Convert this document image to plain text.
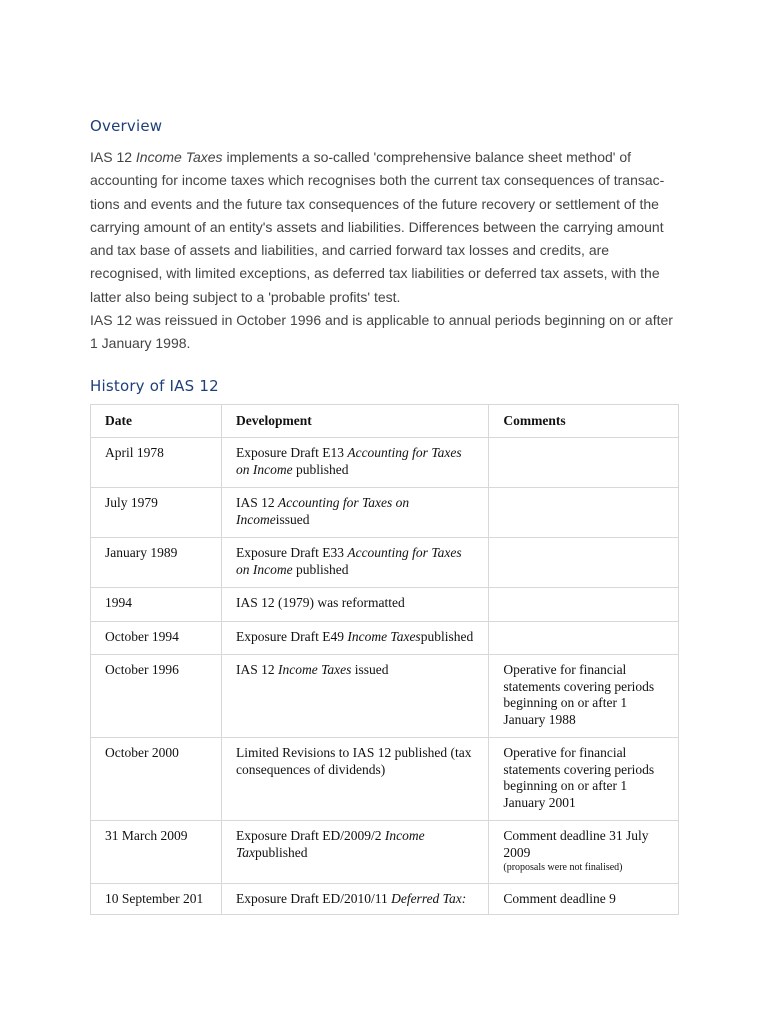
Overview

IAS 12 Income Taxes implements a so-called 'comprehensive balance sheet method' of accounting for income taxes which recognises both the current tax consequences of transac- tions and events and the future tax consequences of the future recovery or settlement of the carrying amount of an entity's assets and liabilities. Differences between the carrying amount and tax base of assets and liabilities, and carried forward tax losses and credits, are recognised, with limited exceptions, as deferred tax liabilities or deferred tax assets, with the latter also being subject to a 'probable profits' test.

IAS 12 was reissued in October 1996 and is applicable to annual periods beginning on or after 1 January 1998.

History of IAS 12
Date	Development	Comments
April 1978	Exposure Draft E13 Accounting for Taxes on Income published	
July 1979	IAS 12 Accounting for Taxes on Incomeissued	
January 1989	Exposure Draft E33 Accounting for Taxes on Income published	
1994	IAS 12 (1979) was reformatted	
October 1994	Exposure Draft E49 Income Taxespublished	
October 1996	IAS 12 Income Taxes issued	Operative for financial statements covering periods beginning on or after 1 January 1988
October 2000	Limited Revisions to IAS 12 published (tax consequences of dividends)	Operative for financial statements covering periods beginning on or after 1 January 2001
31 March 2009	Exposure Draft ED/2009/2 Income Taxpublished	Comment deadline 31 July 2009
(proposals were not finalised)

10 September 201	Exposure Draft ED/2010/11 Deferred Tax:	Comment deadline 9
